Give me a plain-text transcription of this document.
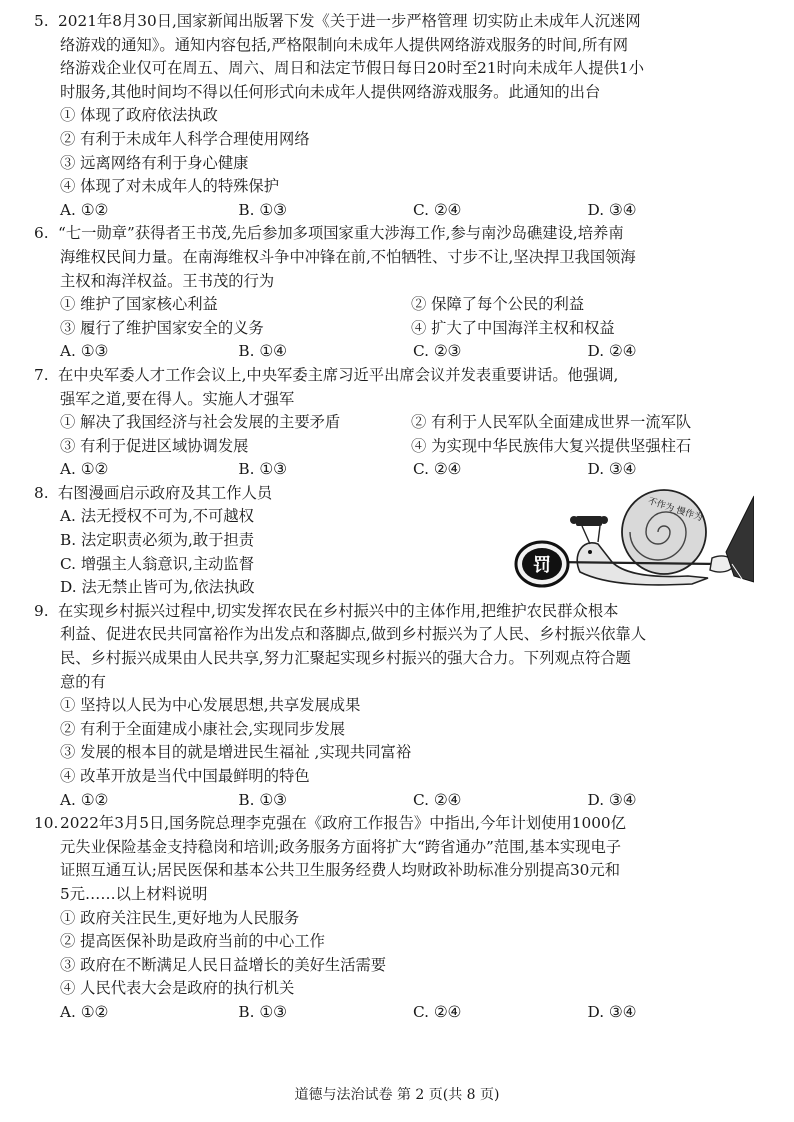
5. 2021年8月30日,国家新闻出版署下发《关于进一步严格管理 切实防止未成年人沉迷网
络游戏的通知》。通知内容包括,严格限制向未成年人提供网络游戏服务的时间,所有网
络游戏企业仅可在周五、周六、周日和法定节假日每日20时至21时向未成年人提供1小
时服务,其他时间均不得以任何形式向未成年人提供网络游戏服务。此通知的出台
① 体现了政府依法执政
② 有利于未成年人科学合理使用网络
③ 远离网络有利于身心健康
④ 体现了对未成年人的特殊保护
A. ①②	B. ①③	C. ②④	D. ③④
6. “七一勋章”获得者王书茂,先后参加多项国家重大涉海工作,参与南沙岛礁建设,培养南
海维权民间力量。在南海维权斗争中冲锋在前,不怕牺牲、寸步不让,坚决捍卫我国领海
主权和海洋权益。王书茂的行为
① 维护了国家核心利益	② 保障了每个公民的利益
③ 履行了维护国家安全的义务	④ 扩大了中国海洋主权和权益
A. ①③	B. ①④	C. ②③	D. ②④
7. 在中央军委人才工作会议上,中央军委主席习近平出席会议并发表重要讲话。他强调,
强军之道,要在得人。实施人才强军
① 解决了我国经济与社会发展的主要矛盾	② 有利于人民军队全面建成世界一流军队
③ 有利于促进区域协调发展	④ 为实现中华民族伟大复兴提供坚强柱石
A. ①②	B. ①③	C. ②④	D. ③④
8. 右图漫画启示政府及其工作人员
A. 法无授权不可为,不可越权
B. 法定职责必须为,敢于担责
C. 增强主人翁意识,主动监督
D. 法无禁止皆可为,依法执政
不作为 慢作为
罚
9. 在实现乡村振兴过程中,切实发挥农民在乡村振兴中的主体作用,把维护农民群众根本
利益、促进农民共同富裕作为出发点和落脚点,做到乡村振兴为了人民、乡村振兴依靠人
民、乡村振兴成果由人民共享,努力汇聚起实现乡村振兴的强大合力。下列观点符合题
意的有
① 坚持以人民为中心发展思想,共享发展成果
② 有利于全面建成小康社会,实现同步发展
③ 发展的根本目的就是增进民生福祉 ,实现共同富裕
④ 改革开放是当代中国最鲜明的特色
A. ①②	B. ①③	C. ②④	D. ③④
10. 2022年3月5日,国务院总理李克强在《政府工作报告》中指出,今年计划使用1000亿
元失业保险基金支持稳岗和培训;政务服务方面将扩大“跨省通办”范围,基本实现电子
证照互通互认;居民医保和基本公共卫生服务经费人均财政补助标准分别提高30元和
5元……以上材料说明
① 政府关注民生,更好地为人民服务
② 提高医保补助是政府当前的中心工作
③ 政府在不断满足人民日益增长的美好生活需要
④ 人民代表大会是政府的执行机关
A. ①②	B. ①③	C. ②④	D. ③④
道德与法治试卷 第 2 页(共 8 页)
